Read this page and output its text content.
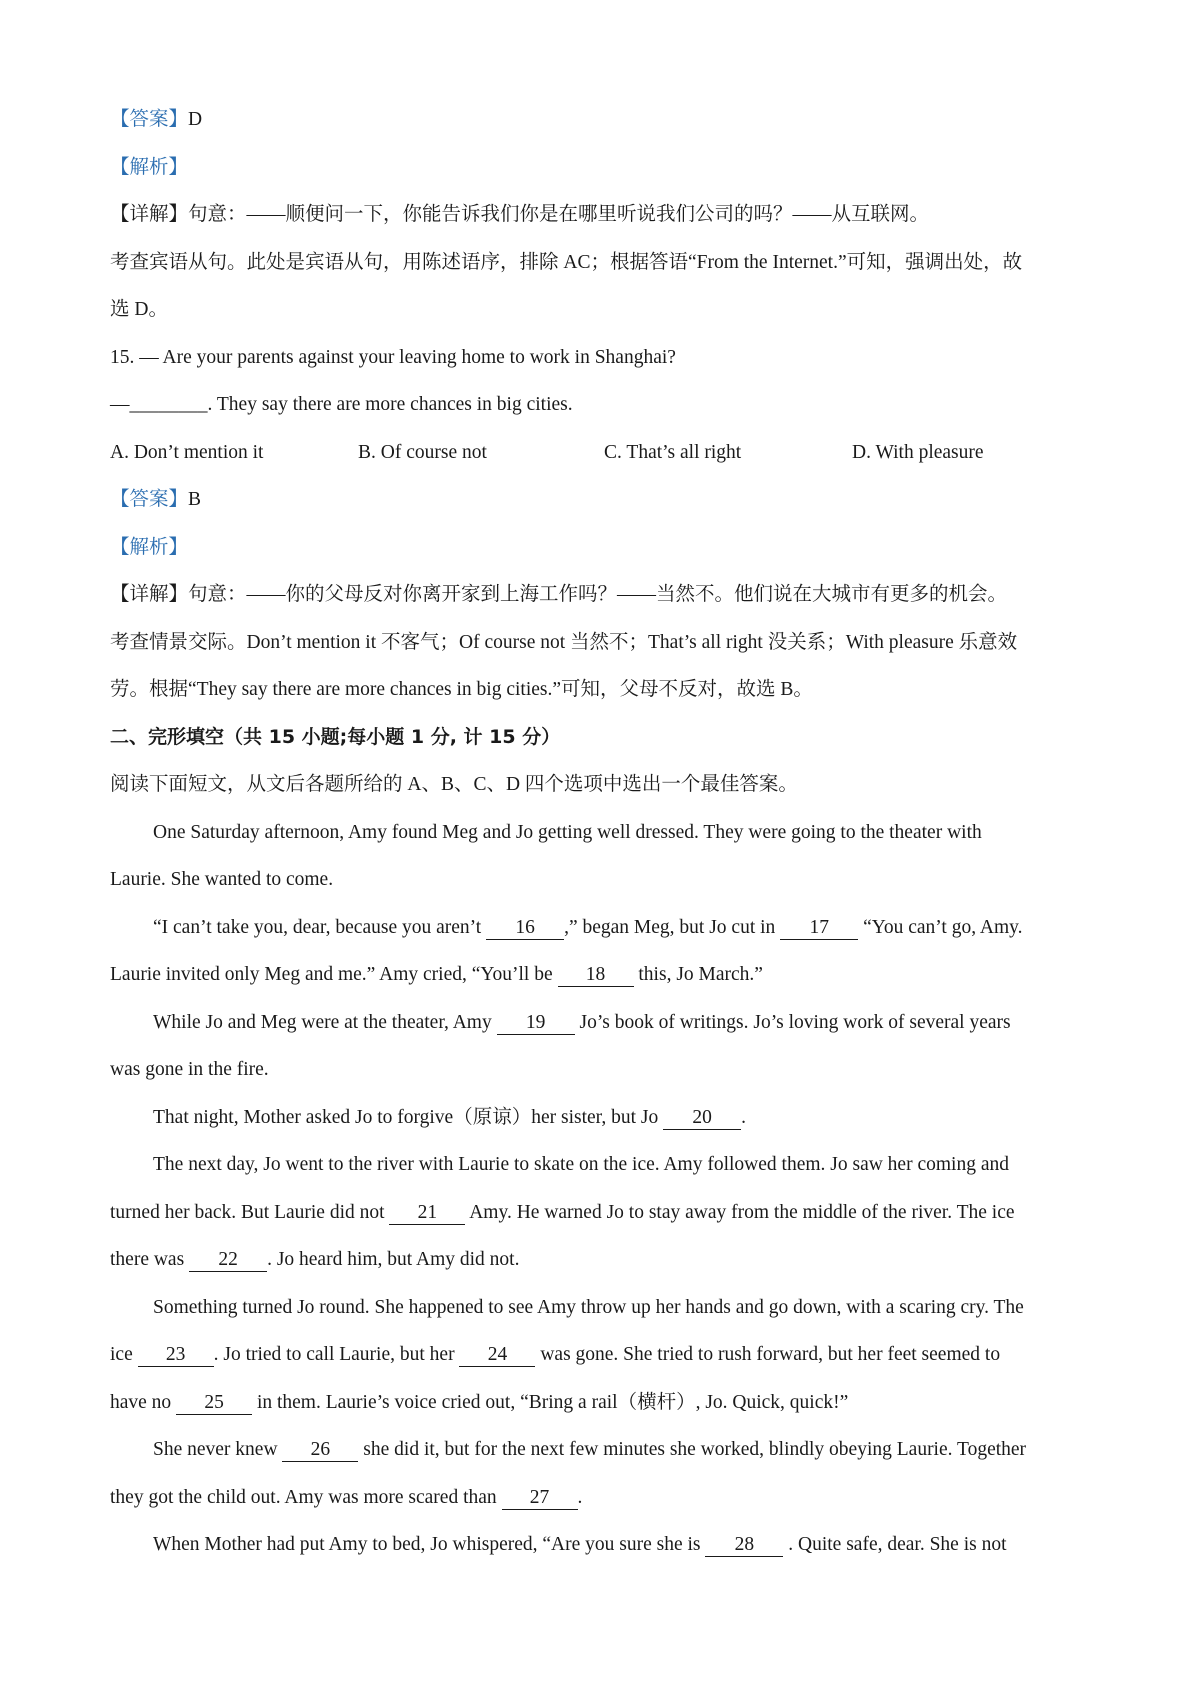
【答案】D
【解析】
【详解】句意：——顺便问一下，你能告诉我们你是在哪里听说我们公司的吗？——从互联网。
考查宾语从句。此处是宾语从句，用陈述语序，排除 AC；根据答语“From the Internet.”可知，强调出处，故
选 D。
15. — Are your parents against your leaving home to work in Shanghai?
—________. They say there are more chances in big cities.
A. Don’t mention it	B. Of course not	C. That’s all right	D. With pleasure
【答案】B
【解析】
【详解】句意：——你的父母反对你离开家到上海工作吗？——当然不。他们说在大城市有更多的机会。
考查情景交际。Don’t mention it 不客气；Of course not 当然不；That’s all right 没关系；With pleasure 乐意效
劳。根据“They say there are more chances in big cities.”可知，父母不反对，故选 B。
二、完形填空（共 15 小题;每小题 1 分, 计 15 分）
阅读下面短文，从文后各题所给的 A、B、C、D 四个选项中选出一个最佳答案。
One Saturday afternoon, Amy found Meg and Jo getting well dressed. They were going to the theater with
Laurie. She wanted to come.
“I can’t take you, dear, because you aren’t 16 ,” began Meg, but Jo cut in 17 “You can’t go, Amy.
Laurie invited only Meg and me.” Amy cried, “You’ll be 18 this, Jo March.”
While Jo and Meg were at the theater, Amy 19 Jo’s book of writings. Jo’s loving work of several years
was gone in the fire.
That night, Mother asked Jo to forgive（原谅）her sister, but Jo 20 .
The next day, Jo went to the river with Laurie to skate on the ice. Amy followed them. Jo saw her coming and
turned her back. But Laurie did not 21 Amy. He warned Jo to stay away from the middle of the river. The ice
there was 22 . Jo heard him, but Amy did not.
Something turned Jo round. She happened to see Amy throw up her hands and go down, with a scaring cry. The
ice 23 . Jo tried to call Laurie, but her 24 was gone. She tried to rush forward, but her feet seemed to
have no 25 in them. Laurie’s voice cried out, “Bring a rail（横杆）, Jo. Quick, quick!”
She never knew 26 she did it, but for the next few minutes she worked, blindly obeying Laurie. Together
they got the child out. Amy was more scared than 27 .
When Mother had put Amy to bed, Jo whispered, “Are you sure she is 28 . Quite safe, dear. She is not
